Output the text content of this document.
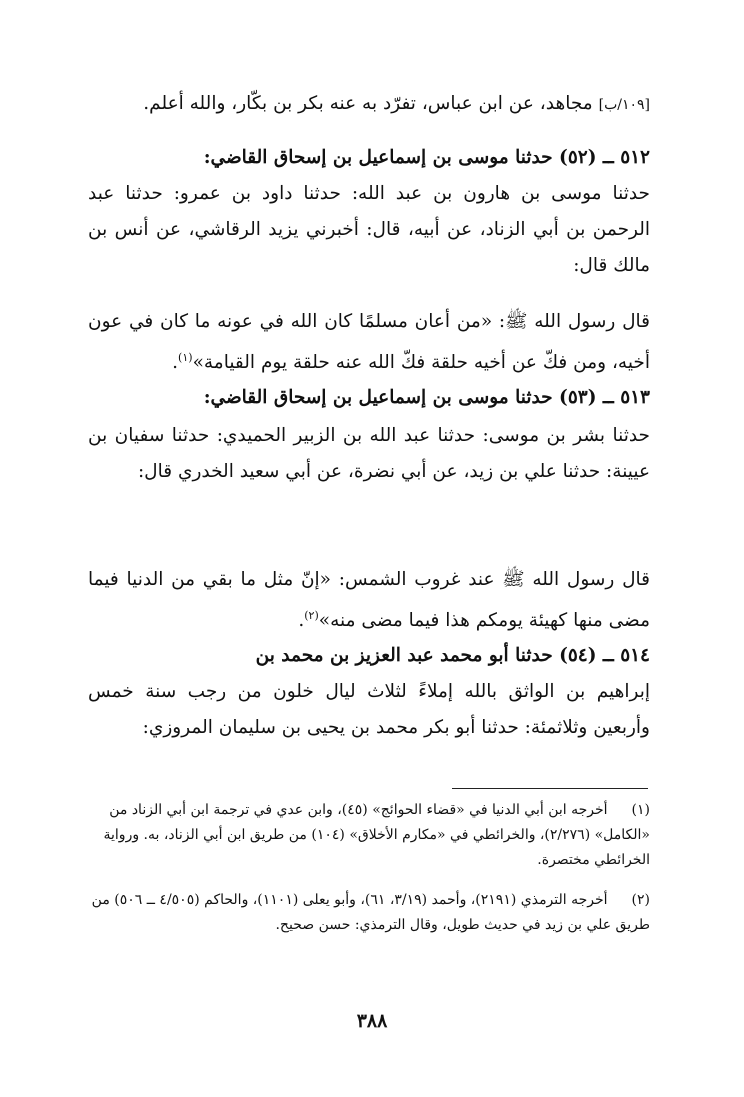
[١٠٩/ب] مجاهد، عن ابن عباس، تفرّد به عنه بكر بن بكّار، والله أعلم.
٥١٢ ــ (٥٢) حدثنا موسى بن إسماعيل بن إسحاق القاضي:
حدثنا موسى بن هارون بن عبد الله: حدثنا داود بن عمرو: حدثنا عبد الرحمن بن أبي الزناد، عن أبيه، قال: أخبرني يزيد الرقاشي، عن أنس بن مالك قال:
قال رسول الله ﷺ: «من أعان مسلمًا كان الله في عونه ما كان في عون أخيه، ومن فكّ عن أخيه حلقة فكّ الله عنه حلقة يوم القيامة»$^{(١)}$.
٥١٣ ــ (٥٣) حدثنا موسى بن إسماعيل بن إسحاق القاضي:
حدثنا بشر بن موسى: حدثنا عبد الله بن الزبير الحميدي: حدثنا سفيان بن عيينة: حدثنا علي بن زيد، عن أبي نضرة، عن أبي سعيد الخدري قال:
قال رسول الله ﷺ عند غروب الشمس: «إنّ مثل ما بقي من الدنيا فيما مضى منها كهيئة يومكم هذا فيما مضى منه»$^{(٢)}$.
٥١٤ ــ (٥٤) حدثنا أبو محمد عبد العزيز بن محمد بن
إبراهيم بن الواثق بالله إملاءً لثلاث ليال خلون من رجب سنة خمس وأربعين وثلاثمئة: حدثنا أبو بكر محمد بن يحيى بن سليمان المروزي:
(١) أخرجه ابن أبي الدنيا في «قضاء الحوائج» (٤٥)، وابن عدي في ترجمة ابن أبي الزناد من «الكامل» (٢/٢٧٦)، والخرائطي في «مكارم الأخلاق» (١٠٤) من طريق ابن أبي الزناد، به. ورواية الخرائطي مختصرة.
(٢) أخرجه الترمذي (٢١٩١)، وأحمد (٣/١٩، ٦١)، وأبو يعلى (١١٠١)، والحاكم (٤/٥٠٥ ــ ٥٠٦) من طريق علي بن زيد في حديث طويل، وقال الترمذي: حسن صحيح.
٣٨٨
